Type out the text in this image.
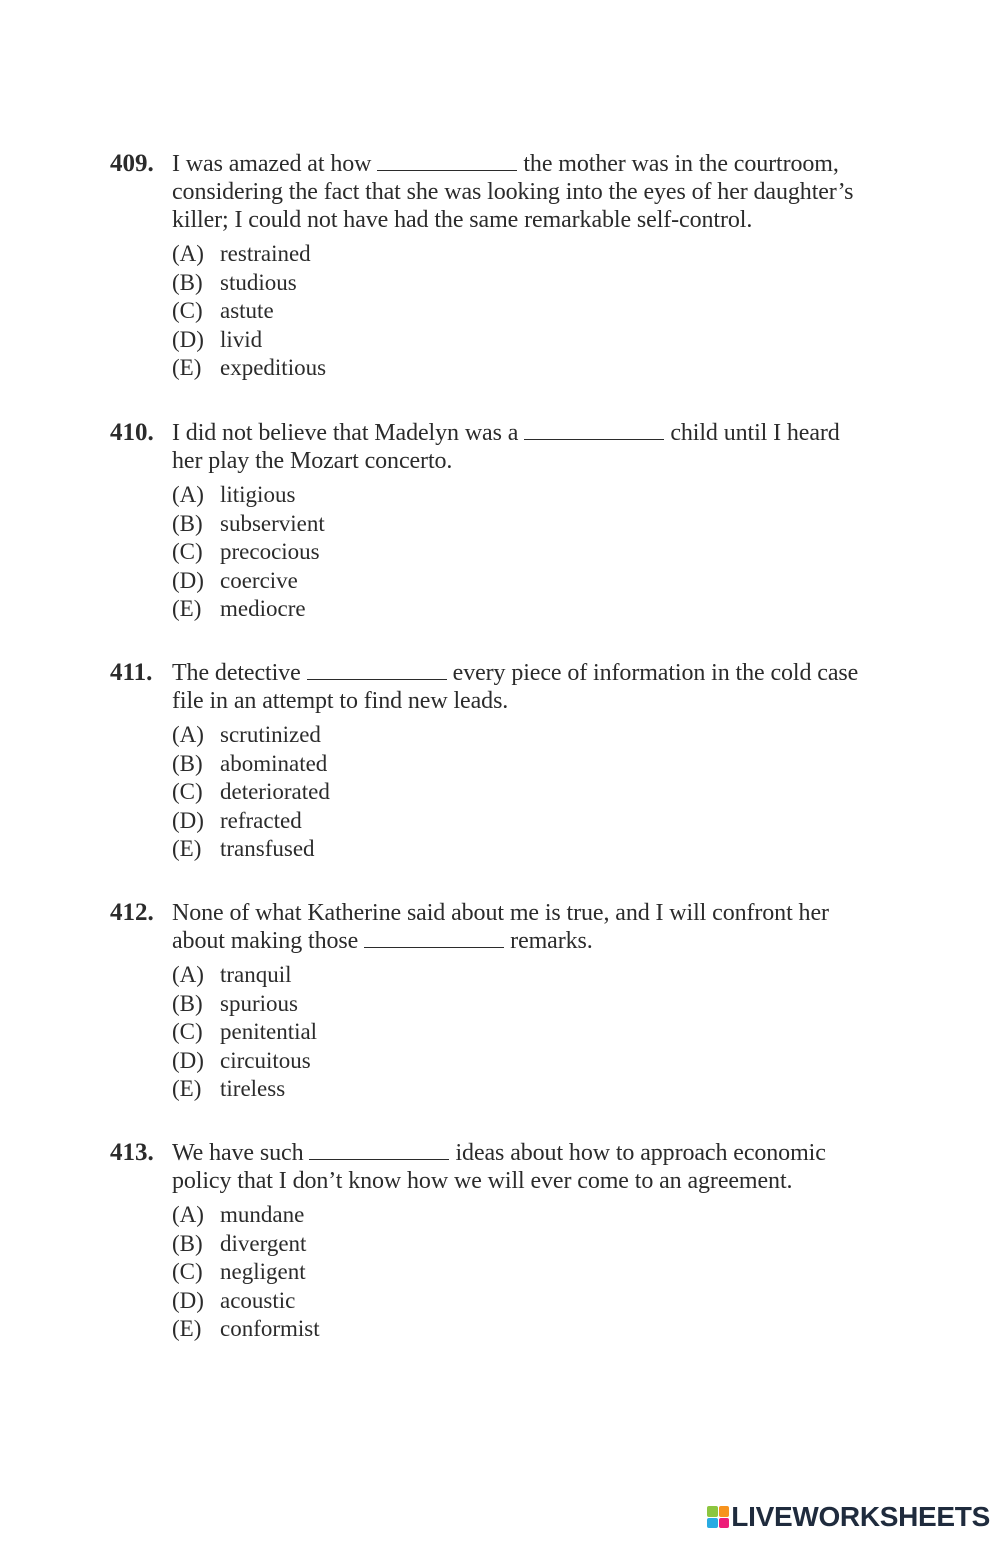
409. I was amazed at how	the mother was in the courtroom, considering the fact that she was looking into the eyes of her daughter’s killer; I could not have had the same remarkable self-control.
(A) restrained
(B) studious
(C) astute
(D) livid
(E) expeditious
410. I did not believe that Madelyn was a	child until I heard her play the Mozart concerto.
(A) litigious
(B) subservient
(C) precocious
(D) coercive
(E) mediocre
411. The detective	every piece of information in the cold case file in an attempt to find new leads.
(A) scrutinized
(B) abominated
(C) deteriorated
(D) refracted
(E) transfused
412. None of what Katherine said about me is true, and I will confront her about making those	remarks.
(A) tranquil
(B) spurious
(C) penitential
(D) circuitous
(E) tireless
413. We have such	ideas about how to approach economic policy that I don’t know how we will ever come to an agreement.
(A) mundane
(B) divergent
(C) negligent
(D) acoustic
(E) conformist
LIVEWORKSHEETS
